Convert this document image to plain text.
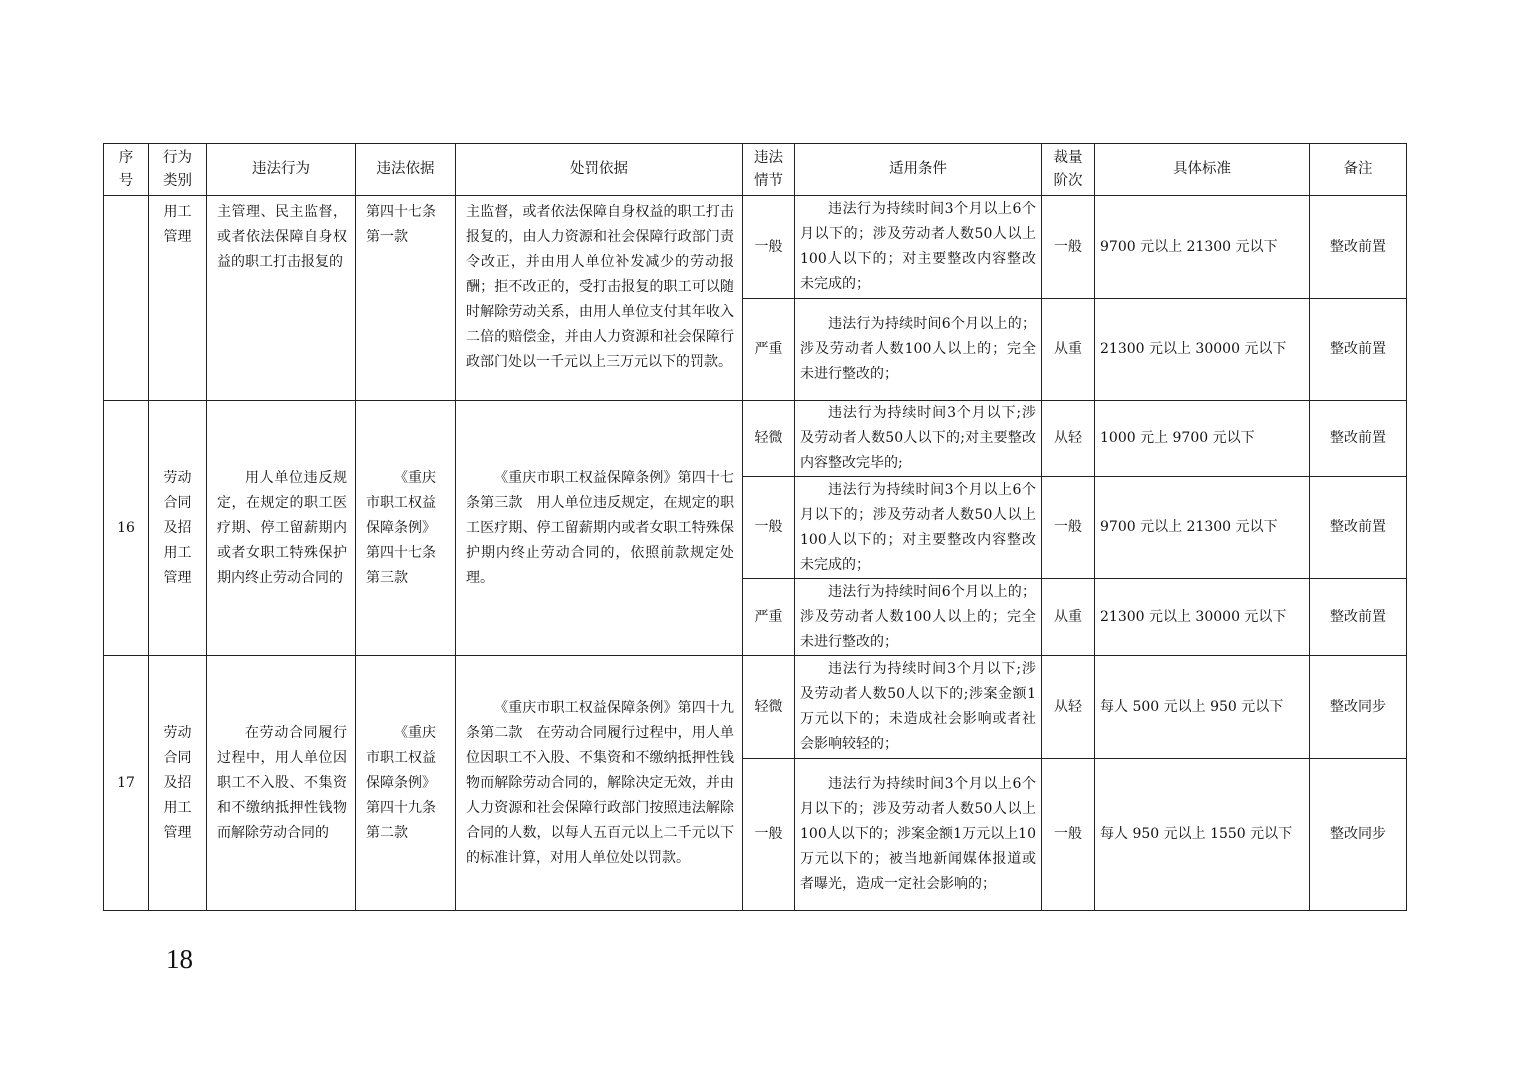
序号	行为类别	违法行为	违法依据	处罚依据	违法情节	适用条件	裁量阶次	具体标准	备注
	用工管理	主管理、民主监督，或者依法保障自身权益的职工打击报复的	第四十七条第一款	主监督，或者依法保障自身权益的职工打击报复的，由人力资源和社会保障行政部门责令改正，并由用人单位补发减少的劳动报酬；拒不改正的，受打击报复的职工可以随时解除劳动关系，由用人单位支付其年收入二倍的赔偿金，并由人力资源和社会保障行政部门处以一千元以上三万元以下的罚款。	一般	违法行为持续时间3个月以上6个月以下的；涉及劳动者人数50人以上100人以下的；对主要整改内容整改未完成的；	一般	9700 元以上 21300 元以下	整改前置
					严重	违法行为持续时间6个月以上的；涉及劳动者人数100人以上的；完全未进行整改的；	从重	21300 元以上 30000 元以下	整改前置
16	劳动合同及招用工管理	用人单位违反规定，在规定的职工医疗期、停工留薪期内或者女职工特殊保护期内终止劳动合同的	《重庆市职工权益保障条例》第四十七条第三款	《重庆市职工权益保障条例》第四十七条第三款　用人单位违反规定，在规定的职工医疗期、停工留薪期内或者女职工特殊保护期内终止劳动合同的，依照前款规定处理。	轻微	违法行为持续时间3个月以下;涉及劳动者人数50人以下的;对主要整改内容整改完毕的;	从轻	1000 元上 9700 元以下	整改前置
					一般	违法行为持续时间3个月以上6个月以下的；涉及劳动者人数50人以上100人以下的；对主要整改内容整改未完成的；	一般	9700 元以上 21300 元以下	整改前置
					严重	违法行为持续时间6个月以上的；涉及劳动者人数100人以上的；完全未进行整改的；	从重	21300 元以上 30000 元以下	整改前置
17	劳动合同及招用工管理	在劳动合同履行过程中，用人单位因职工不入股、不集资和不缴纳抵押性钱物而解除劳动合同的	《重庆市职工权益保障条例》第四十九条第二款	《重庆市职工权益保障条例》第四十九条第二款　在劳动合同履行过程中，用人单位因职工不入股、不集资和不缴纳抵押性钱物而解除劳动合同的，解除决定无效，并由人力资源和社会保障行政部门按照违法解除合同的人数，以每人五百元以上二千元以下的标准计算，对用人单位处以罚款。	轻微	违法行为持续时间3个月以下;涉及劳动者人数50人以下的;涉案金额1万元以下的；未造成社会影响或者社会影响较轻的；	从轻	每人 500 元以上 950 元以下	整改同步
					一般	违法行为持续时间3个月以上6个月以下的；涉及劳动者人数50人以上100人以下的；涉案金额1万元以上10万元以下的；被当地新闻媒体报道或者曝光，造成一定社会影响的；	一般	每人 950 元以上 1550 元以下	整改同步
18
